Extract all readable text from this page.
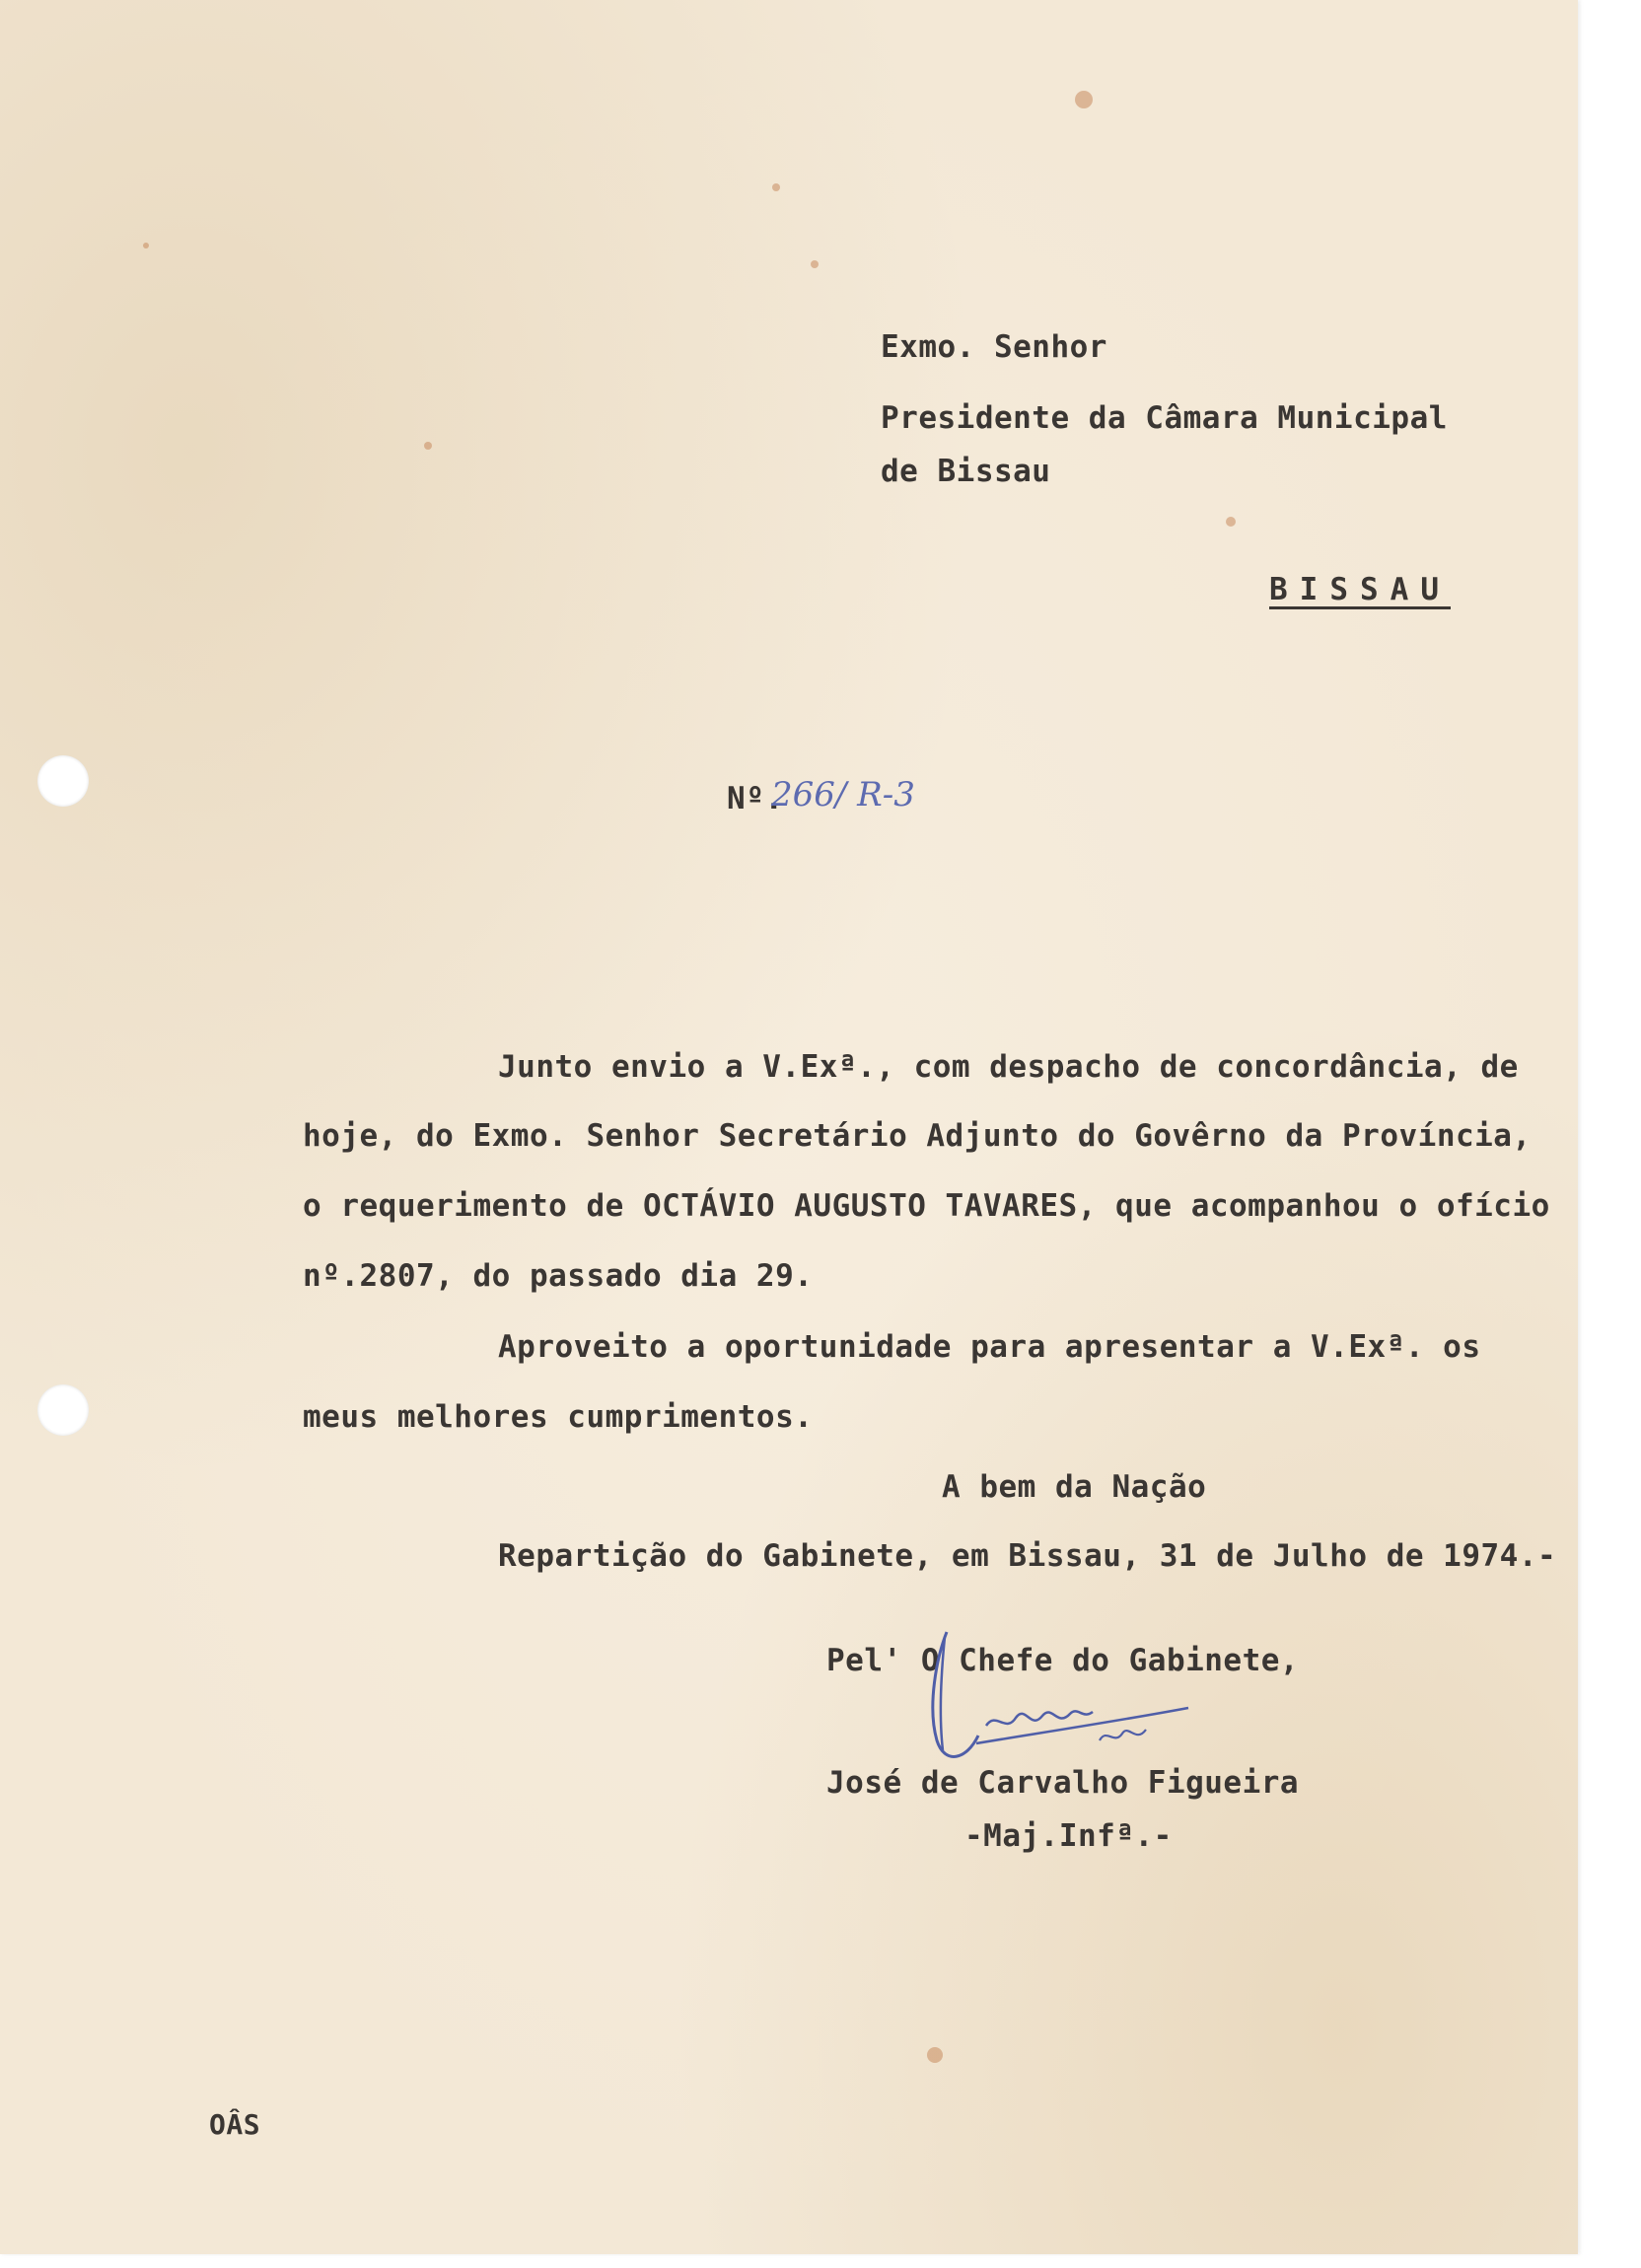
Exmo. Senhor
Presidente da Câmara Municipal
de Bissau
BISSAU
Nº.
266/ R-3
Junto envio a V.Exª., com despacho de concordância, de
hoje, do Exmo. Senhor Secretário Adjunto do Govêrno da Província,
o requerimento de OCTÁVIO AUGUSTO TAVARES, que acompanhou o ofício
nº.2807, do passado dia 29.
Aproveito a oportunidade para apresentar a V.Exª. os
meus melhores cumprimentos.
A bem da Nação
Repartição do Gabinete, em Bissau, 31 de Julho de 1974.-
Pel' O Chefe do Gabinete,
José de Carvalho Figueira
-Maj.Infª.-
OÂS
